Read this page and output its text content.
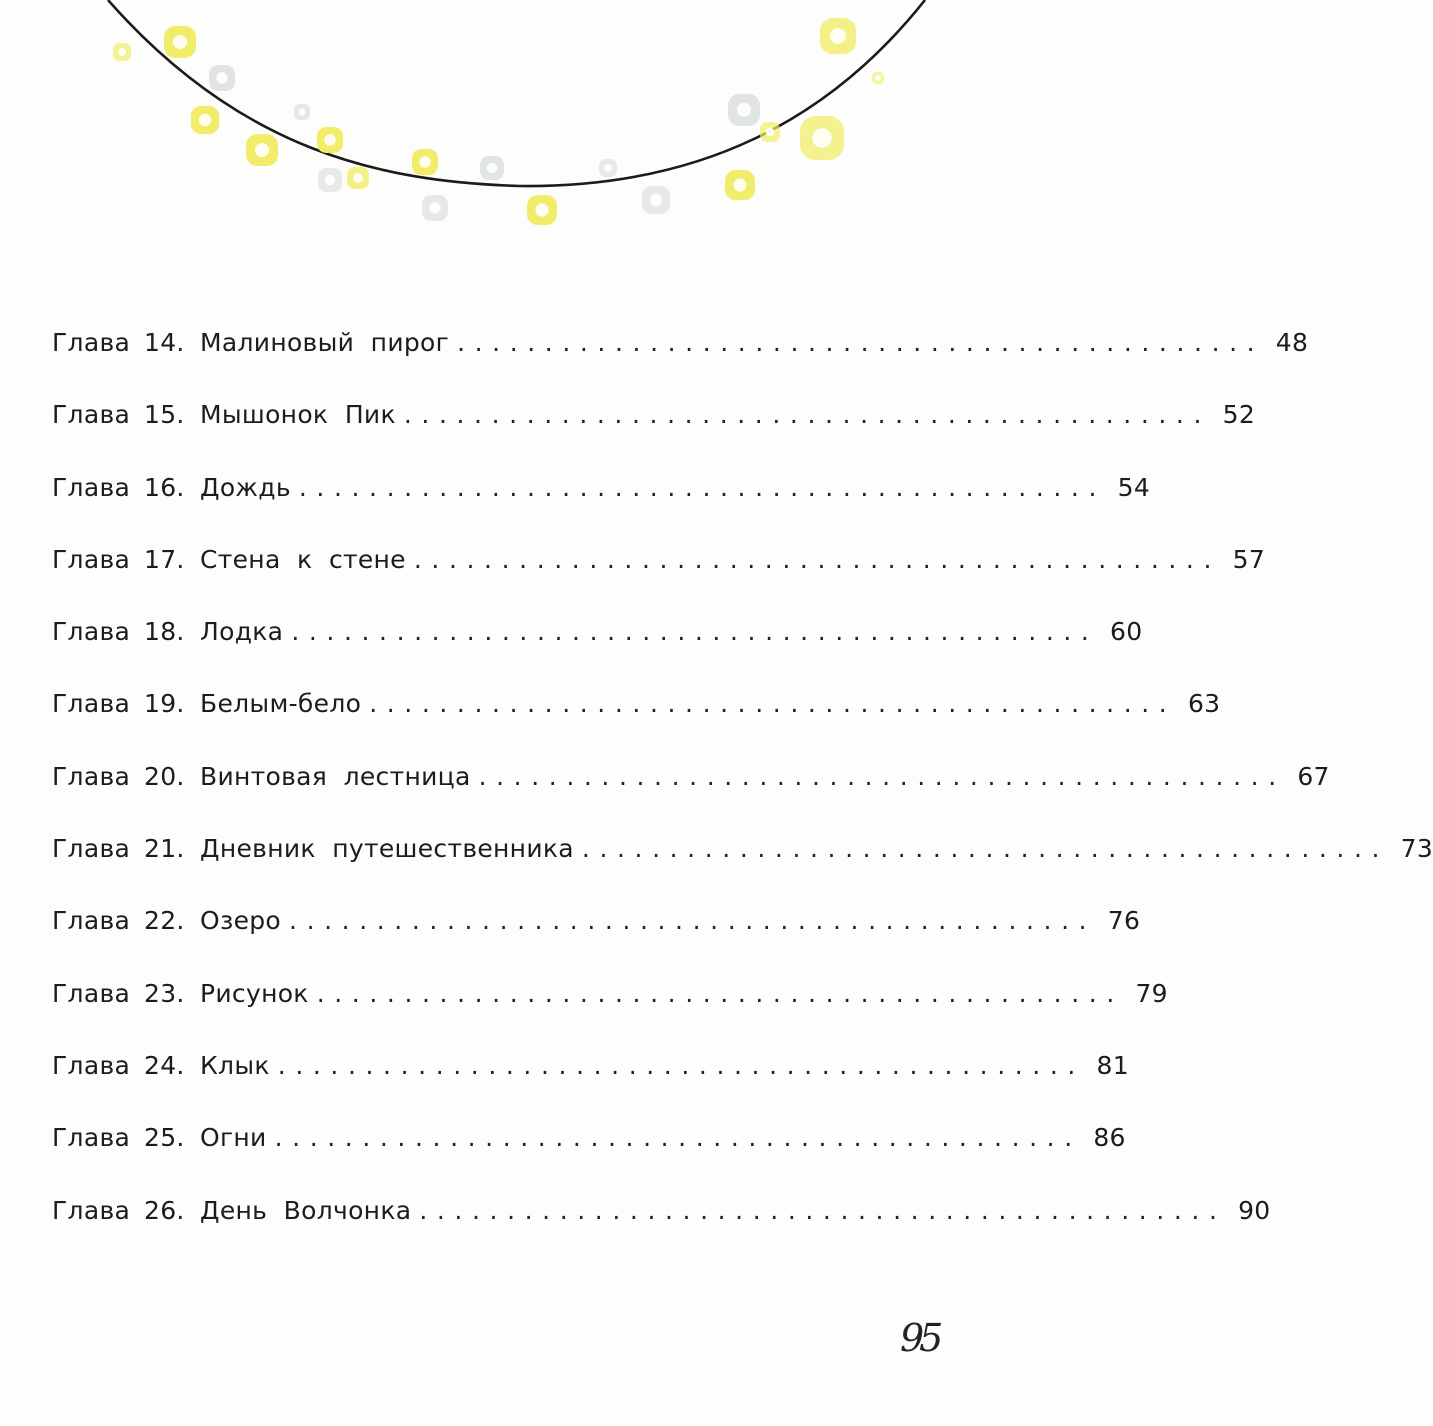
Глава 14. Малиновый  пирог .............................................. 48
Глава 15. Мышонок  Пик .............................................. 52
Глава 16. Дождь .............................................. 54
Глава 17. Стена  к  стене .............................................. 57
Глава 18. Лодка .............................................. 60
Глава 19. Белым-бело .............................................. 63
Глава 20. Винтовая  лестница .............................................. 67
Глава 21. Дневник  путешественника .............................................. 73
Глава 22. Озеро .............................................. 76
Глава 23. Рисунок .............................................. 79
Глава 24. Клык .............................................. 81
Глава 25. Огни .............................................. 86
Глава 26. День  Волчонка .............................................. 90
95
